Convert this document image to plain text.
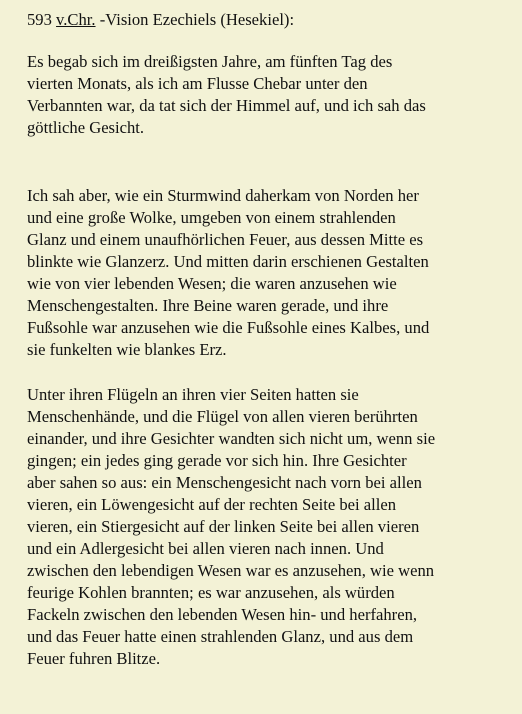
593 v.Chr. -Vision Ezechiels (Hesekiel):

Es begab sich im dreißigsten Jahre, am fünften Tag des
vierten Monats, als ich am Flusse Chebar unter den
Verbannten war, da tat sich der Himmel auf, und ich sah das
göttliche Gesicht.

Ich sah aber, wie ein Sturmwind daherkam von Norden her
und eine große Wolke, umgeben von einem strahlenden
Glanz und einem unaufhörlichen Feuer, aus dessen Mitte es
blinkte wie Glanzerz. Und mitten darin erschienen Gestalten
wie von vier lebenden Wesen; die waren anzusehen wie
Menschengestalten. Ihre Beine waren gerade, und ihre
Fußsohle war anzusehen wie die Fußsohle eines Kalbes, und
sie funkelten wie blankes Erz.

Unter ihren Flügeln an ihren vier Seiten hatten sie
Menschenhände, und die Flügel von allen vieren berührten
einander, und ihre Gesichter wandten sich nicht um, wenn sie
gingen; ein jedes ging gerade vor sich hin. Ihre Gesichter
aber sahen so aus: ein Menschengesicht nach vorn bei allen
vieren, ein Löwengesicht auf der rechten Seite bei allen
vieren, ein Stiergesicht auf der linken Seite bei allen vieren
und ein Adlergesicht bei allen vieren nach innen. Und
zwischen den lebendigen Wesen war es anzusehen, wie wenn
feurige Kohlen brannten; es war anzusehen, als würden
Fackeln zwischen den lebenden Wesen hin- und herfahren,
und das Feuer hatte einen strahlenden Glanz, und aus dem
Feuer fuhren Blitze.
